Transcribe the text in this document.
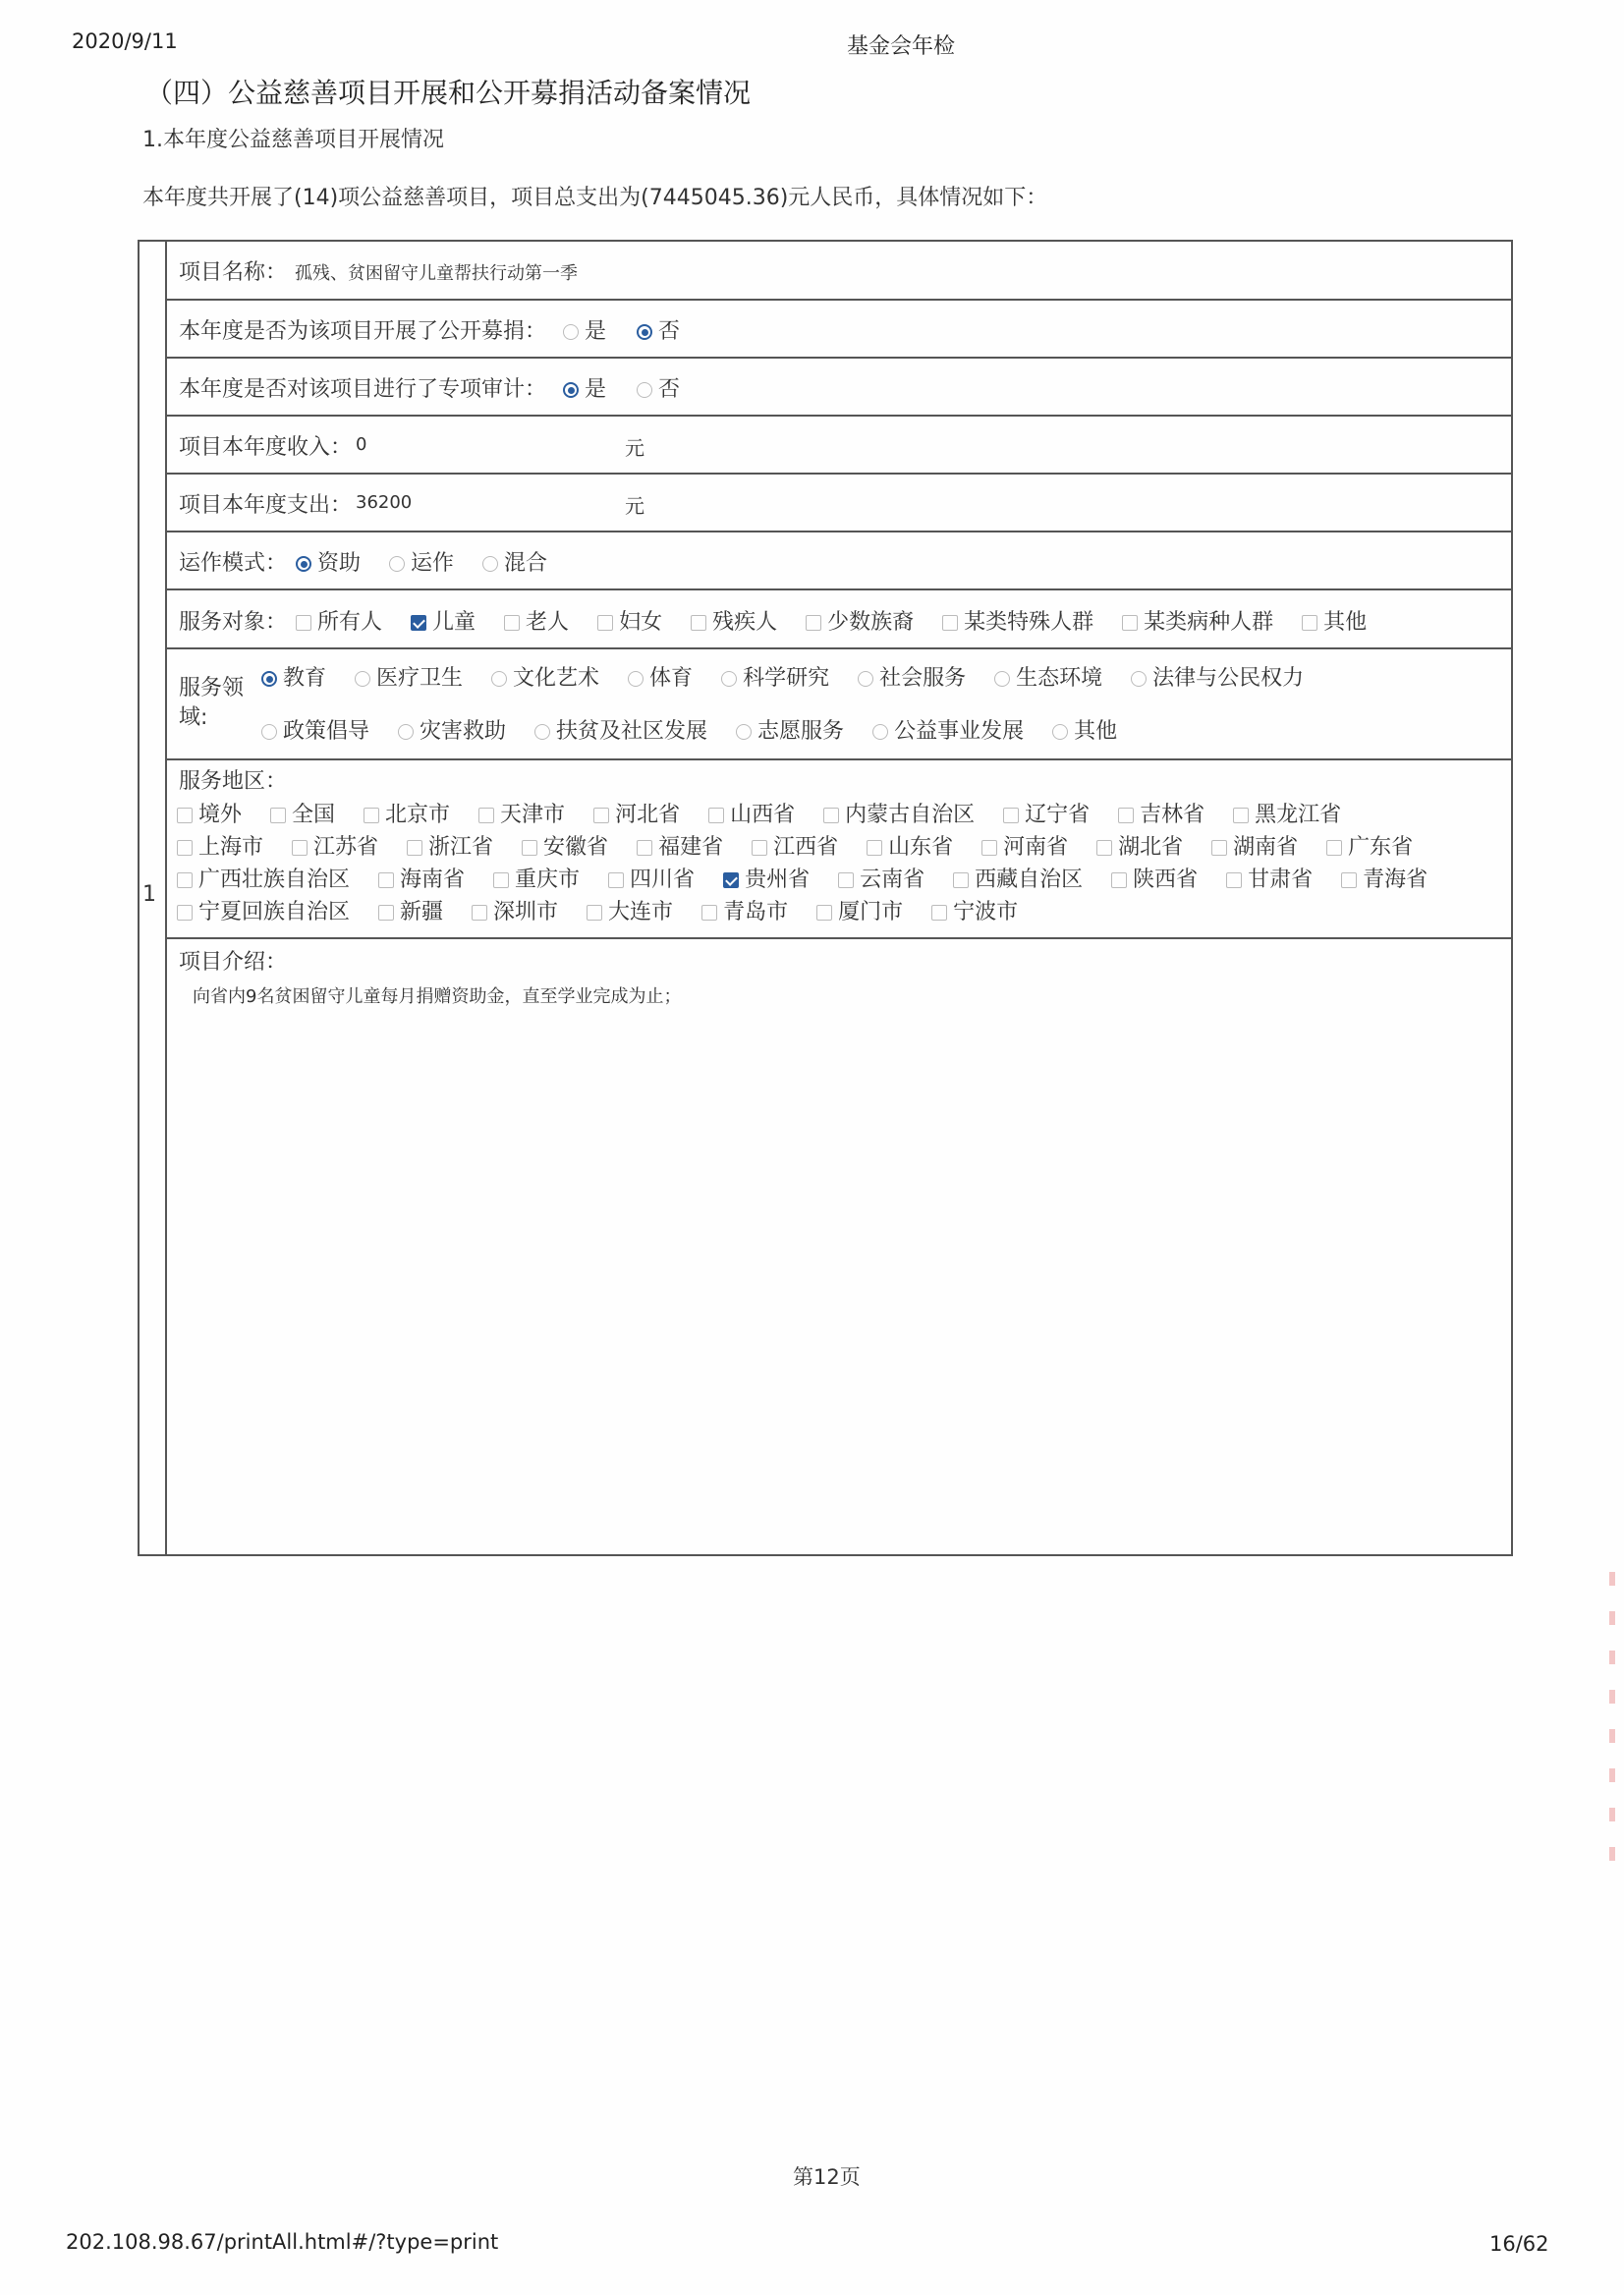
2020/9/11	基金会年检
（四）公益慈善项目开展和公开募捐活动备案情况
1.本年度公益慈善项目开展情况
本年度共开展了(14)项公益慈善项目，项目总支出为(7445045.36)元人民币，具体情况如下：
1
项目名称： 孤残、贫困留守儿童帮扶行动第一季
本年度是否为该项目开展了公开募捐： 是 否
本年度是否对该项目进行了专项审计： 是 否
项目本年度收入： 0	元
项目本年度支出： 36200	元
运作模式： 资助 运作 混合
服务对象： 所有人 儿童 老人 妇女 残疾人 少数族裔 某类特殊人群 某类病种人群 其他
服务领
域:
教育 医疗卫生 文化艺术 体育 科学研究 社会服务 生态环境 法律与公民权力
政策倡导 灾害救助 扶贫及社区发展 志愿服务 公益事业发展 其他
服务地区：
境外 全国 北京市 天津市 河北省 山西省 内蒙古自治区 辽宁省 吉林省 黑龙江省
上海市 江苏省 浙江省 安徽省 福建省 江西省 山东省 河南省 湖北省 湖南省 广东省
广西壮族自治区 海南省 重庆市 四川省 贵州省 云南省 西藏自治区 陕西省 甘肃省 青海省
宁夏回族自治区 新疆 深圳市 大连市 青岛市 厦门市 宁波市
项目介绍：
向省内9名贫困留守儿童每月捐赠资助金，直至学业完成为止；
第12页
202.108.98.67/printAll.html#/?type=print	16/62
